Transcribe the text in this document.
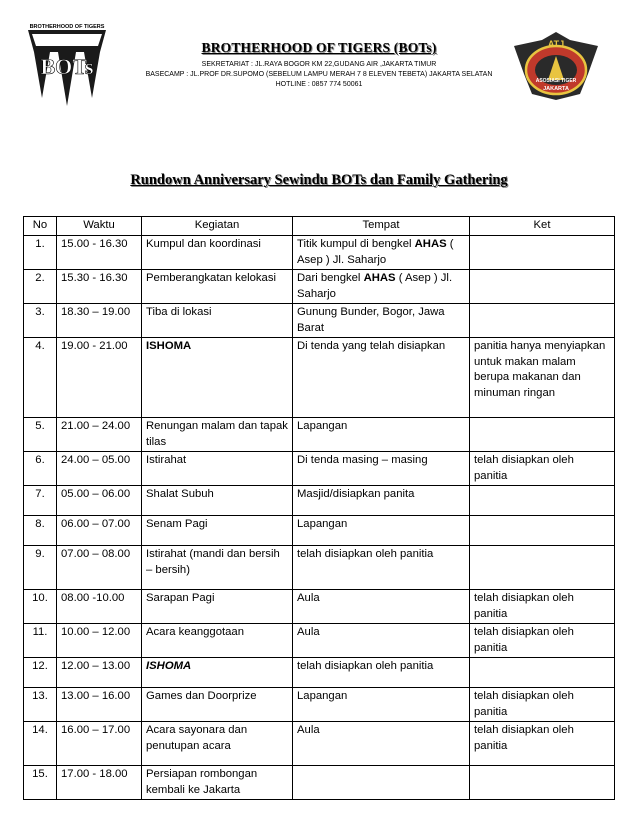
BROTHERHOOD OF TIGERS
BOTs
BROTHERHOOD OF TIGERS (BOTs)
SEKRETARIAT : JL.RAYA BOGOR KM 22,GUDANG AIR ,JAKARTA TIMUR
BASECAMP : JL.PROF DR.SUPOMO (SEBELUM LAMPU MERAH 7 8 ELEVEN TEBETA) JAKARTA SELATAN
HOTLINE : 0857 774 50061
ATJ
ASOSIASI TIGER
JAKARTA
Rundown Anniversary Sewindu BOTs dan Family Gathering
No	Waktu	Kegiatan	Tempat	Ket
1.	15.00 - 16.30	Kumpul dan koordinasi	Titik kumpul di bengkel AHAS ( Asep ) Jl. Saharjo	
2.	15.30 - 16.30	Pemberangkatan kelokasi	Dari bengkel AHAS ( Asep ) Jl. Saharjo	
3.	18.30 – 19.00	Tiba di lokasi	Gunung Bunder, Bogor, Jawa Barat	
4.	19.00 - 21.00	ISHOMA	Di tenda yang telah disiapkan	panitia hanya menyiapkan untuk makan malam berupa makanan dan minuman ringan
5.	21.00 – 24.00	Renungan malam dan tapak tilas	Lapangan	
6.	24.00 – 05.00	Istirahat	Di tenda masing – masing	telah disiapkan oleh panitia
7.	05.00 – 06.00	Shalat Subuh	Masjid/disiapkan panita	
8.	06.00 – 07.00	Senam Pagi	Lapangan	
9.	07.00 – 08.00	Istirahat (mandi dan bersih – bersih)	telah disiapkan oleh panitia	
10.	08.00 -10.00	Sarapan Pagi	Aula	telah disiapkan oleh panitia
11.	10.00 – 12.00	Acara keanggotaan	Aula	telah disiapkan oleh panitia
12.	12.00 – 13.00	ISHOMA	telah disiapkan oleh panitia	
13.	13.00 – 16.00	Games dan Doorprize	Lapangan	telah disiapkan oleh panitia
14.	16.00 – 17.00	Acara sayonara dan penutupan acara	Aula	telah disiapkan oleh panitia
15.	17.00 - 18.00	Persiapan rombongan kembali ke Jakarta		
